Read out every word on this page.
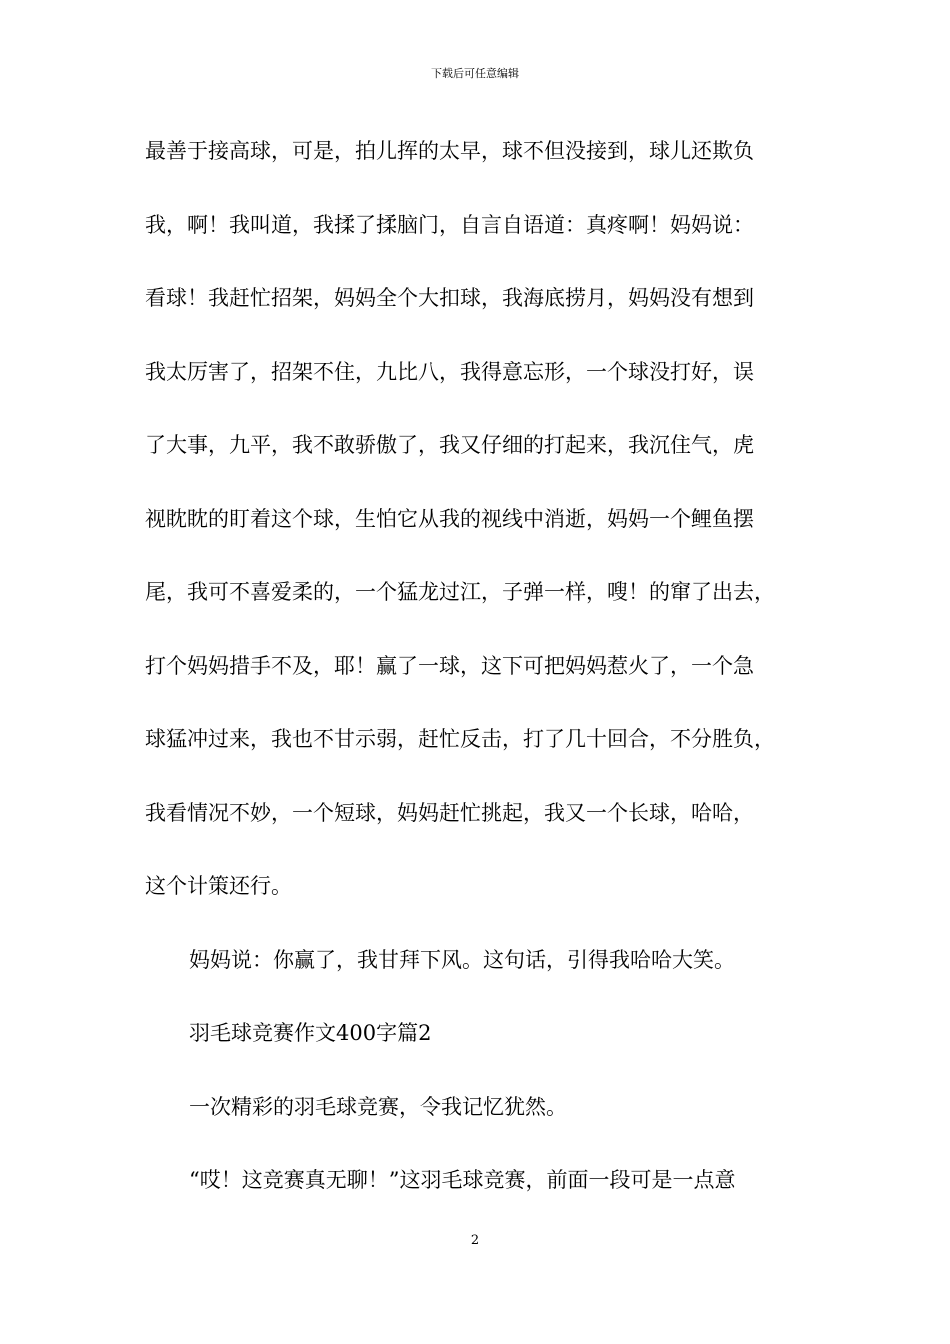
下载后可任意编辑
最善于接高球，可是，拍儿挥的太早，球不但没接到，球儿还欺负
我，啊！我叫道，我揉了揉脑门，自言自语道：真疼啊！妈妈说：
看球！我赶忙招架，妈妈全个大扣球，我海底捞月，妈妈没有想到
我太厉害了，招架不住，九比八，我得意忘形，一个球没打好，误
了大事，九平，我不敢骄傲了，我又仔细的打起来，我沉住气，虎
视眈眈的盯着这个球，生怕它从我的视线中消逝，妈妈一个鲤鱼摆
尾，我可不喜爱柔的，一个猛龙过江，子弹一样，嗖！的窜了出去，
打个妈妈措手不及，耶！赢了一球，这下可把妈妈惹火了，一个急
球猛冲过来，我也不甘示弱，赶忙反击，打了几十回合，不分胜负，
我看情况不妙，一个短球，妈妈赶忙挑起，我又一个长球，哈哈，
这个计策还行。
妈妈说：你赢了，我甘拜下风。这句话，引得我哈哈大笑。
羽毛球竞赛作文400字篇2
一次精彩的羽毛球竞赛，令我记忆犹然。
“哎！这竞赛真无聊！”这羽毛球竞赛，前面一段可是一点意
2
